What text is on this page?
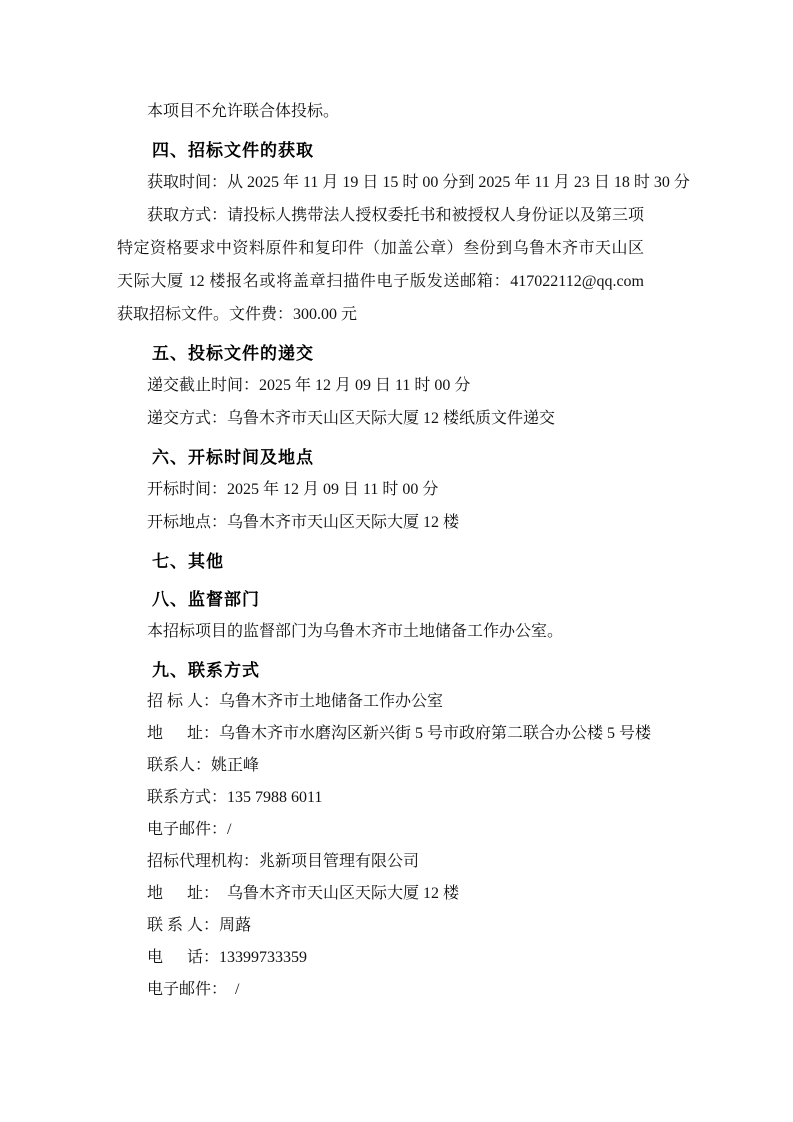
本项目不允许联合体投标。

四、招标文件的获取

获取时间：从 2025 年 11 月 19 日 15 时 00 分到 2025 年 11 月 23 日 18 时 30 分

获取方式：请投标人携带法人授权委托书和被授权人身份证以及第三项特定资格要求中资料原件和复印件（加盖公章）叁份到乌鲁木齐市天山区天际大厦 12 楼报名或将盖章扫描件电子版发送邮箱：417022112@qq.com 获取招标文件。文件费：300.00 元

五、投标文件的递交

递交截止时间：2025 年 12 月 09 日 11 时 00 分

递交方式：乌鲁木齐市天山区天际大厦 12 楼纸质文件递交

六、开标时间及地点

开标时间：2025 年 12 月 09 日 11 时 00 分

开标地点：乌鲁木齐市天山区天际大厦 12 楼

七、其他
八、监督部门

本招标项目的监督部门为乌鲁木齐市土地储备工作办公室。

九、联系方式

招 标 人：乌鲁木齐市土地储备工作办公室

地      址：乌鲁木齐市水磨沟区新兴街 5 号市政府第二联合办公楼 5 号楼

联系人：姚正峰

联系方式：135 7988 6011

电子邮件：/

招标代理机构：兆新项目管理有限公司

地      址：  乌鲁木齐市天山区天际大厦 12 楼

联 系 人：周蕗

电      话：13399733359

电子邮件：  /
